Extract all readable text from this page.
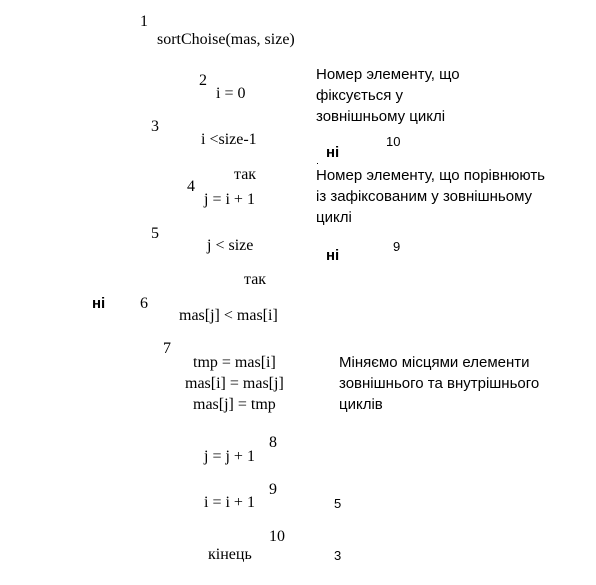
1
sortChoise(mas, size)
2
i = 0
Номер элементу, що
фіксується у
зовнішньому циклі
3
i <size-1
ні
10
так	Номер элементу, що порівнюють
із зафіксованим у зовнішньому
циклі
4
j = i + 1
5
j < size
ні
9
так
ні 6
mas[j] < mas[i]
7
tmp = mas[i]
mas[i] = mas[j]
mas[j] = tmp
Міняємо місцями елементи
зовнішнього та внутрішнього
циклів
8
j = j + 1
9
i = i + 1	5
10
кінець	3
